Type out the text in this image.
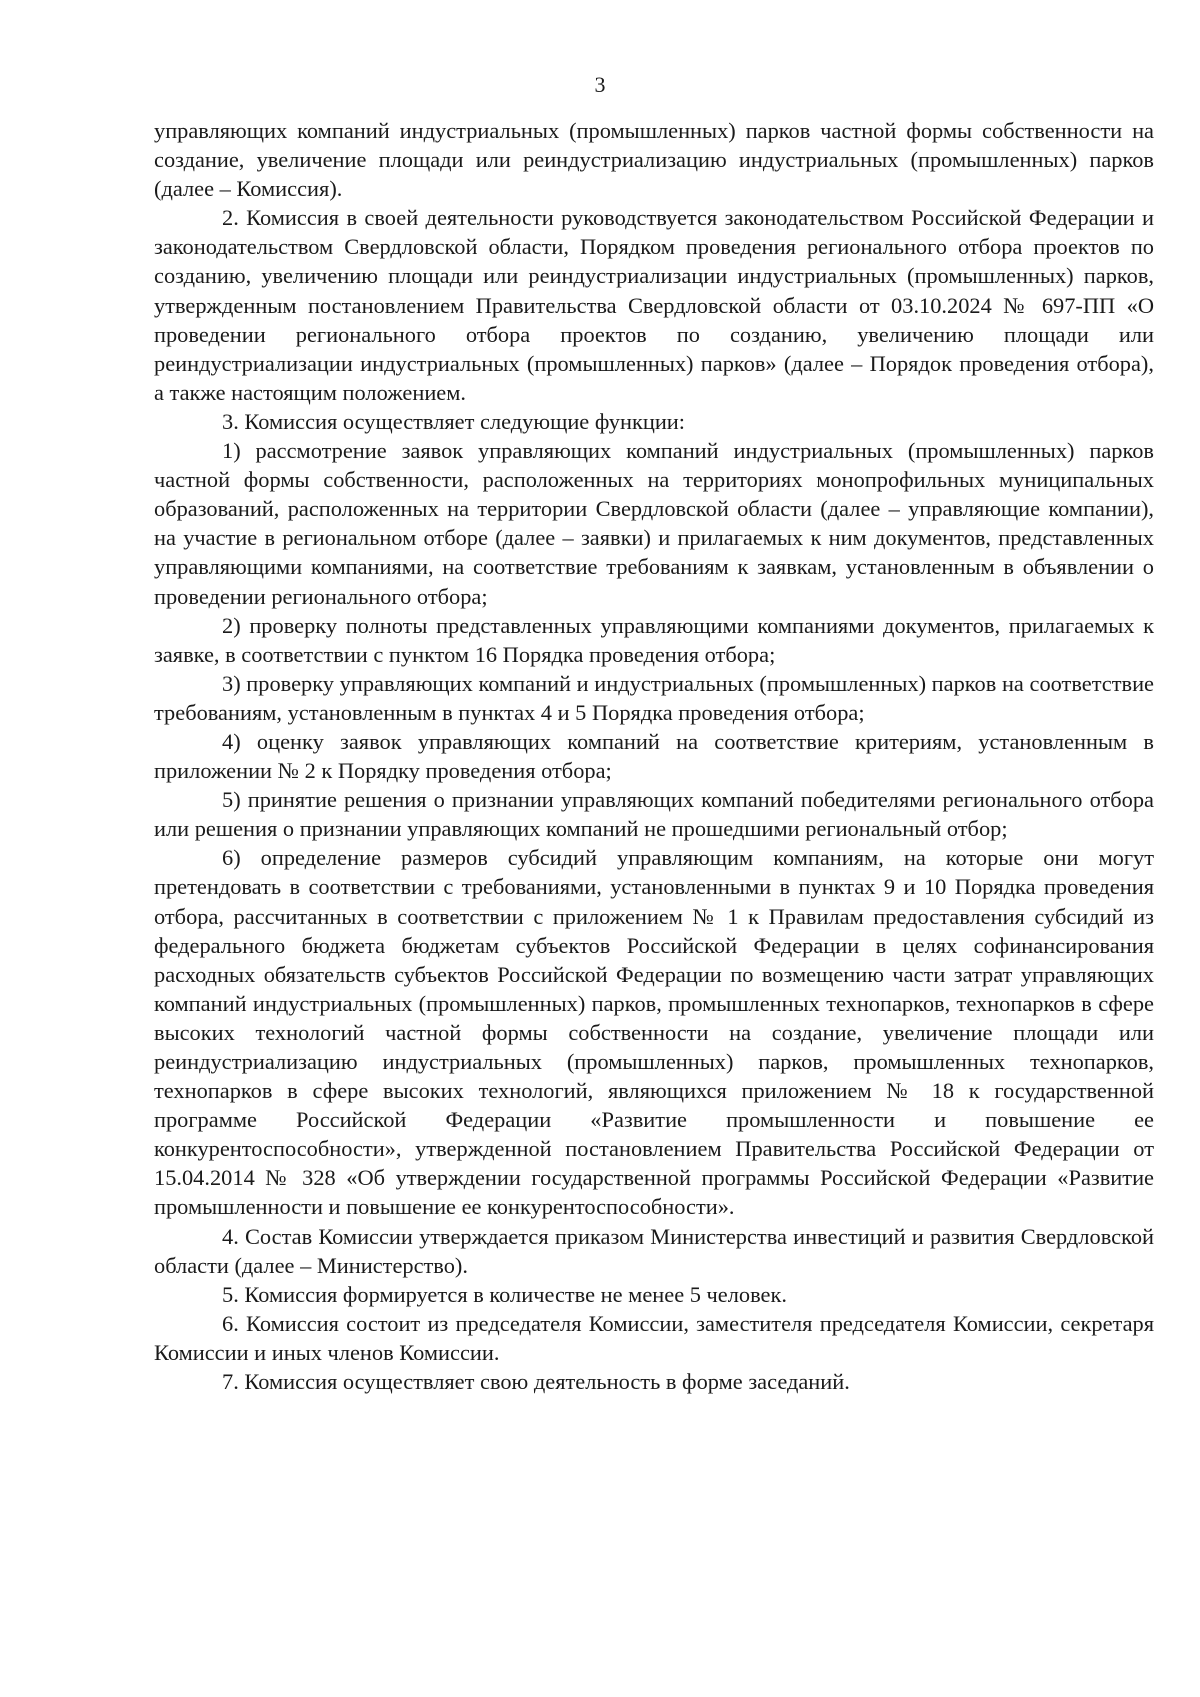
3

управляющих компаний индустриальных (промышленных) парков частной формы собственности на создание, увеличение площади или реиндустриализацию индустриальных (промышленных) парков (далее – Комиссия).

2. Комиссия в своей деятельности руководствуется законодательством Российской Федерации и законодательством Свердловской области, Порядком проведения регионального отбора проектов по созданию, увеличению площади или реиндустриализации индустриальных (промышленных) парков, утвержденным постановлением Правительства Свердловской области от 03.10.2024 № 697-ПП «О проведении регионального отбора проектов по созданию, увеличению площади или реиндустриализации индустриальных (промышленных) парков» (далее – Порядок проведения отбора), а также настоящим положением.

3. Комиссия осуществляет следующие функции:

1) рассмотрение заявок управляющих компаний индустриальных (промышленных) парков частной формы собственности, расположенных на территориях монопрофильных муниципальных образований, расположенных на территории Свердловской области (далее – управляющие компании), на участие в региональном отборе (далее – заявки) и прилагаемых к ним документов, представленных управляющими компаниями, на соответствие требованиям к заявкам, установленным в объявлении о проведении регионального отбора;

2) проверку полноты представленных управляющими компаниями документов, прилагаемых к заявке, в соответствии с пунктом 16 Порядка проведения отбора;

3) проверку управляющих компаний и индустриальных (промышленных) парков на соответствие требованиям, установленным в пунктах 4 и 5 Порядка проведения отбора;

4) оценку заявок управляющих компаний на соответствие критериям, установленным в приложении № 2 к Порядку проведения отбора;

5) принятие решения о признании управляющих компаний победителями регионального отбора или решения о признании управляющих компаний не прошедшими региональный отбор;

6) определение размеров субсидий управляющим компаниям, на которые они могут претендовать в соответствии с требованиями, установленными в пунктах 9 и 10 Порядка проведения отбора, рассчитанных в соответствии с приложением № 1 к Правилам предоставления субсидий из федерального бюджета бюджетам субъектов Российской Федерации в целях софинансирования расходных обязательств субъектов Российской Федерации по возмещению части затрат управляющих компаний индустриальных (промышленных) парков, промышленных технопарков, технопарков в сфере высоких технологий частной формы собственности на создание, увеличение площади или реиндустриализацию индустриальных (промышленных) парков, промышленных технопарков, технопарков в сфере высоких технологий, являющихся приложением № 18 к государственной программе Российской Федерации «Развитие промышленности и повышение ее конкурентоспособности», утвержденной постановлением Правительства Российской Федерации от 15.04.2014 № 328 «Об утверждении государственной программы Российской Федерации «Развитие промышленности и повышение ее конкурентоспособности».

4. Состав Комиссии утверждается приказом Министерства инвестиций и развития Свердловской области (далее – Министерство).

5. Комиссия формируется в количестве не менее 5 человек.

6. Комиссия состоит из председателя Комиссии, заместителя председателя Комиссии, секретаря Комиссии и иных членов Комиссии.

7. Комиссия осуществляет свою деятельность в форме заседаний.
